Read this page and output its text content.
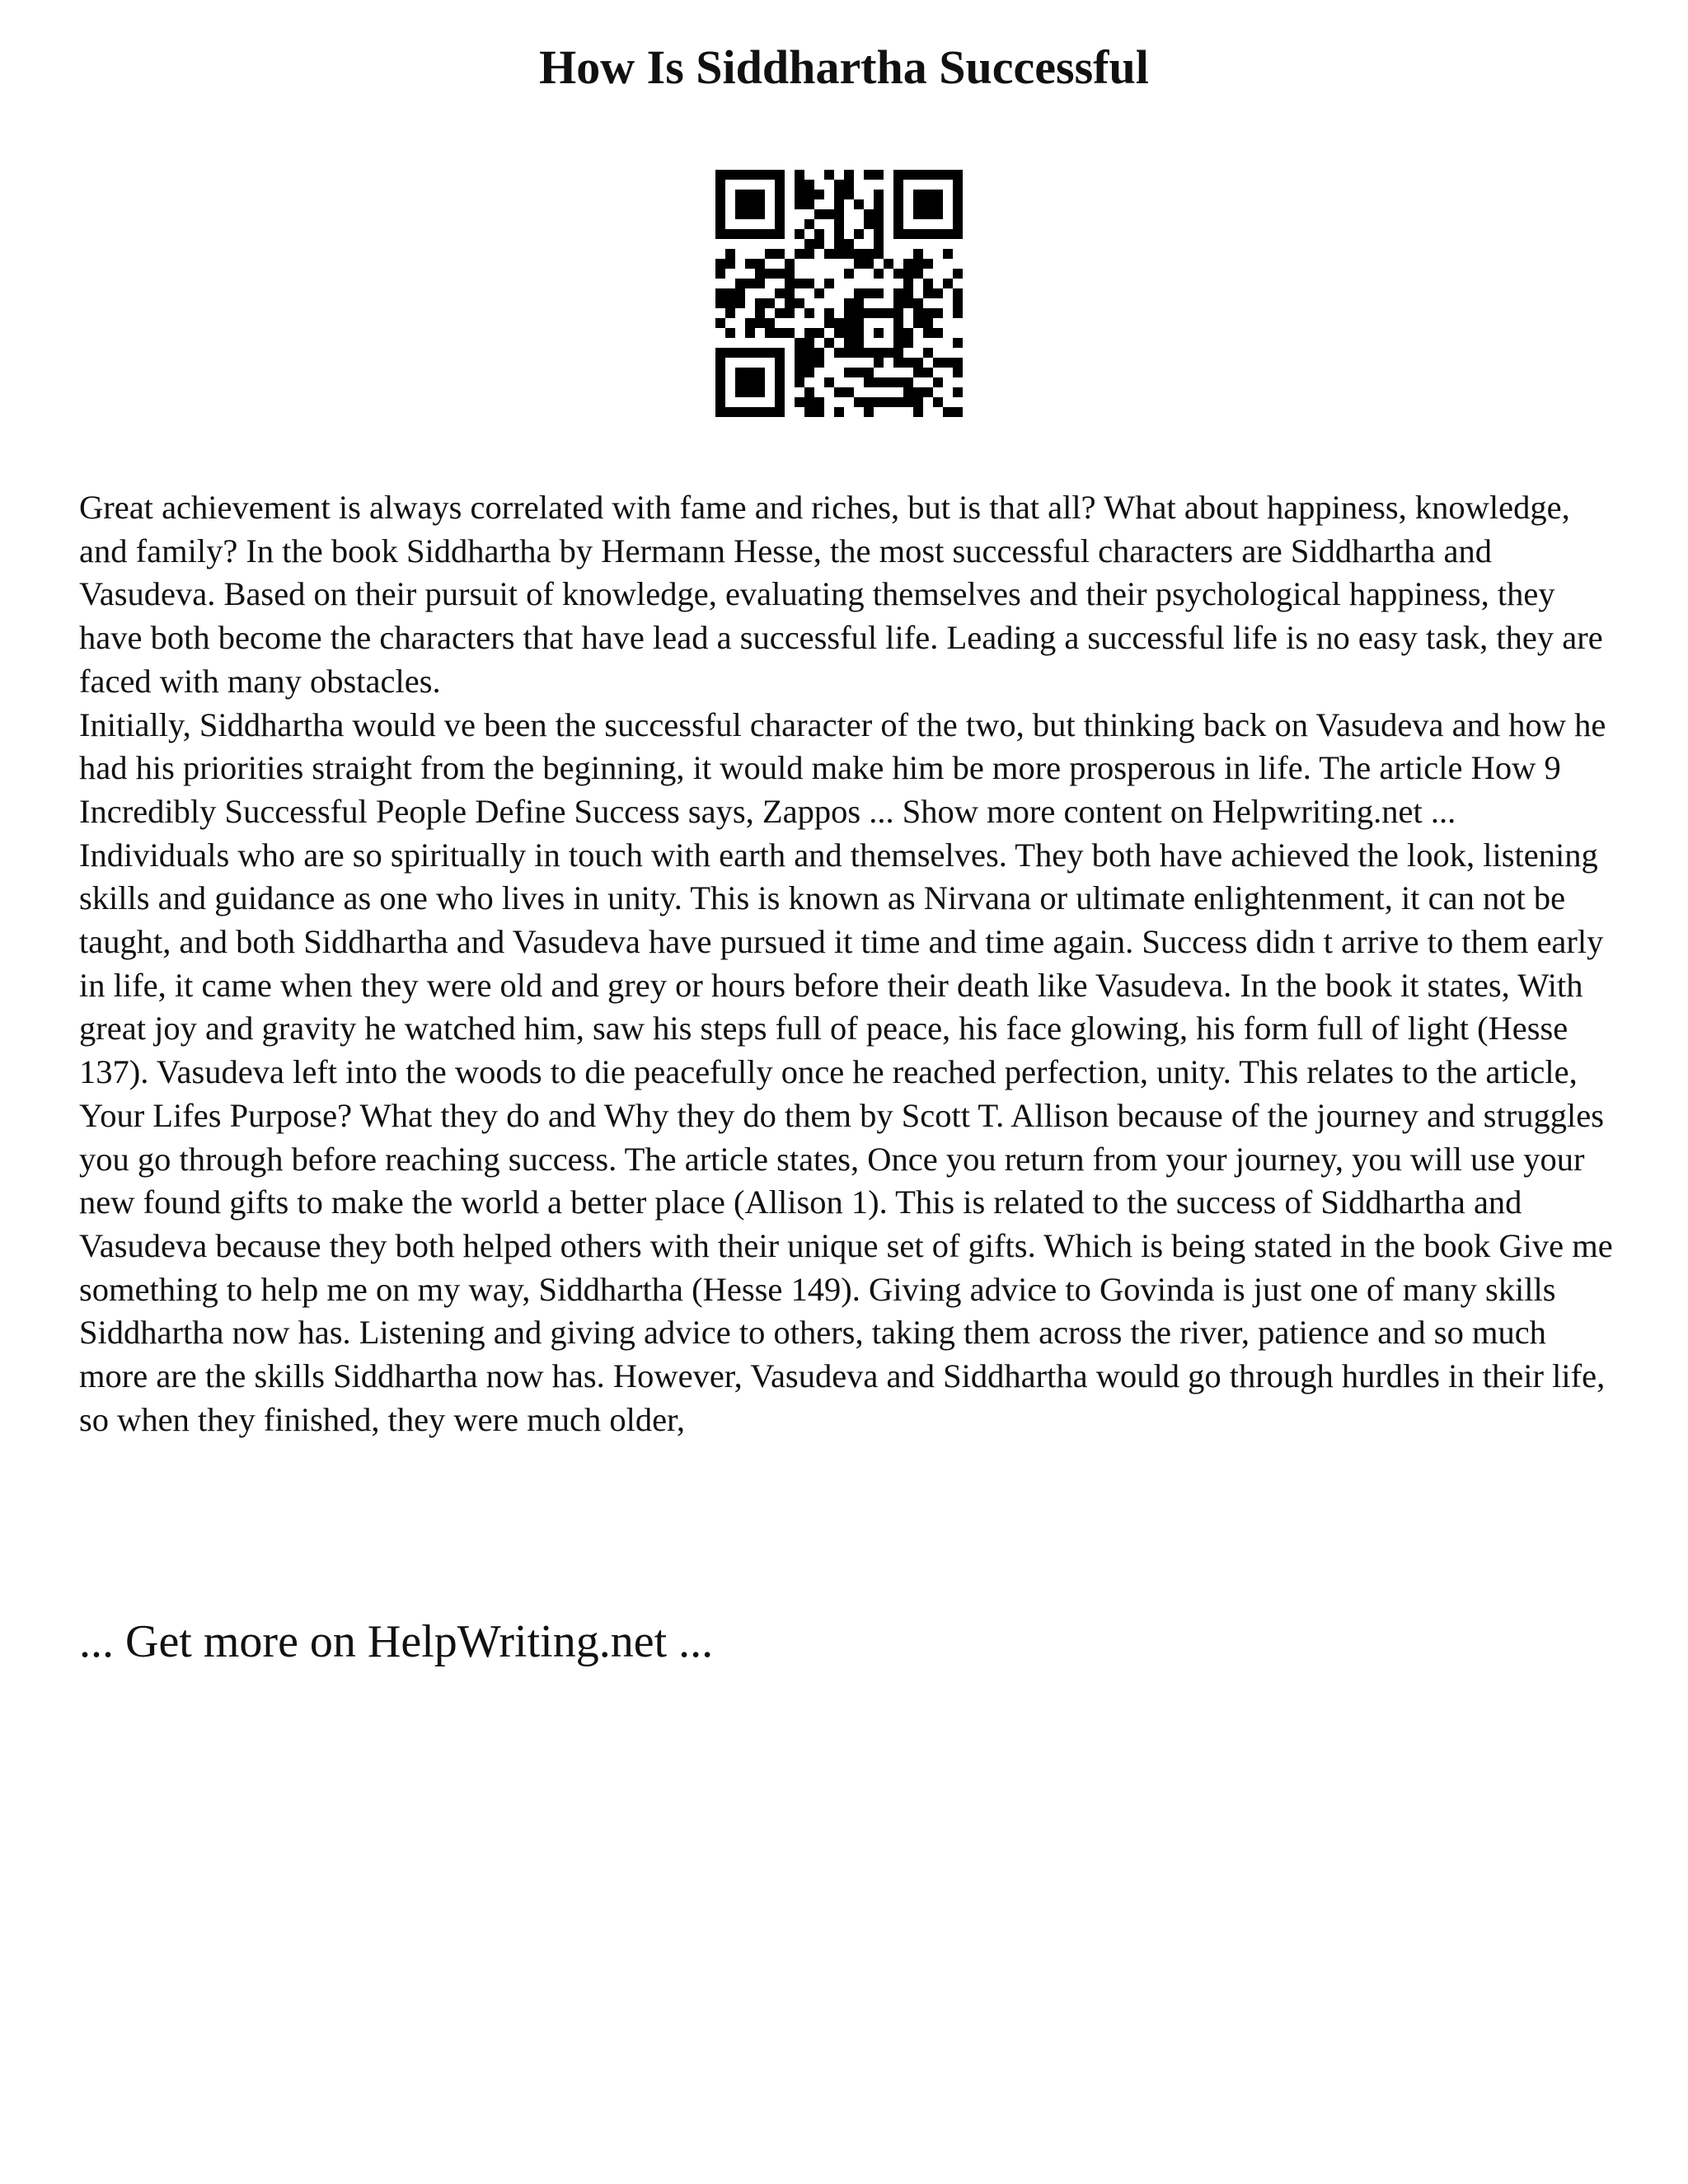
How Is Siddhartha Successful

Great achievement is always correlated with fame and riches, but is that all? What about happiness, knowledge, and family? In the book Siddhartha by Hermann Hesse, the most successful characters are Siddhartha and Vasudeva. Based on their pursuit of knowledge, evaluating themselves and their psychological happiness, they have both become the characters that have lead a successful life. Leading a successful life is no easy task, they are faced with many obstacles.

Initially, Siddhartha would ve been the successful character of the two, but thinking back on Vasudeva and how he had his priorities straight from the beginning, it would make him be more prosperous in life. The article How 9 Incredibly Successful People Define Success says, Zappos ... Show more content on Helpwriting.net ...

Individuals who are so spiritually in touch with earth and themselves. They both have achieved the look, listening skills and guidance as one who lives in unity. This is known as Nirvana or ultimate enlightenment, it can not be taught, and both Siddhartha and Vasudeva have pursued it time and time again. Success didn t arrive to them early in life, it came when they were old and grey or hours before their death like Vasudeva. In the book it states, With great joy and gravity he watched him, saw his steps full of peace, his face glowing, his form full of light (Hesse 137). Vasudeva left into the woods to die peacefully once he reached perfection, unity. This relates to the article, Your Lifes Purpose? What they do and Why they do them by Scott T. Allison because of the journey and struggles you go through before reaching success. The article states, Once you return from your journey, you will use your new found gifts to make the world a better place (Allison 1). This is related to the success of Siddhartha and Vasudeva because they both helped others with their unique set of gifts. Which is being stated in the book Give me something to help me on my way, Siddhartha (Hesse 149). Giving advice to Govinda is just one of many skills Siddhartha now has. Listening and giving advice to others, taking them across the river, patience and so much more are the skills Siddhartha now has. However, Vasudeva and Siddhartha would go through hurdles in their life, so when they finished, they were much older,

... Get more on HelpWriting.net ...
